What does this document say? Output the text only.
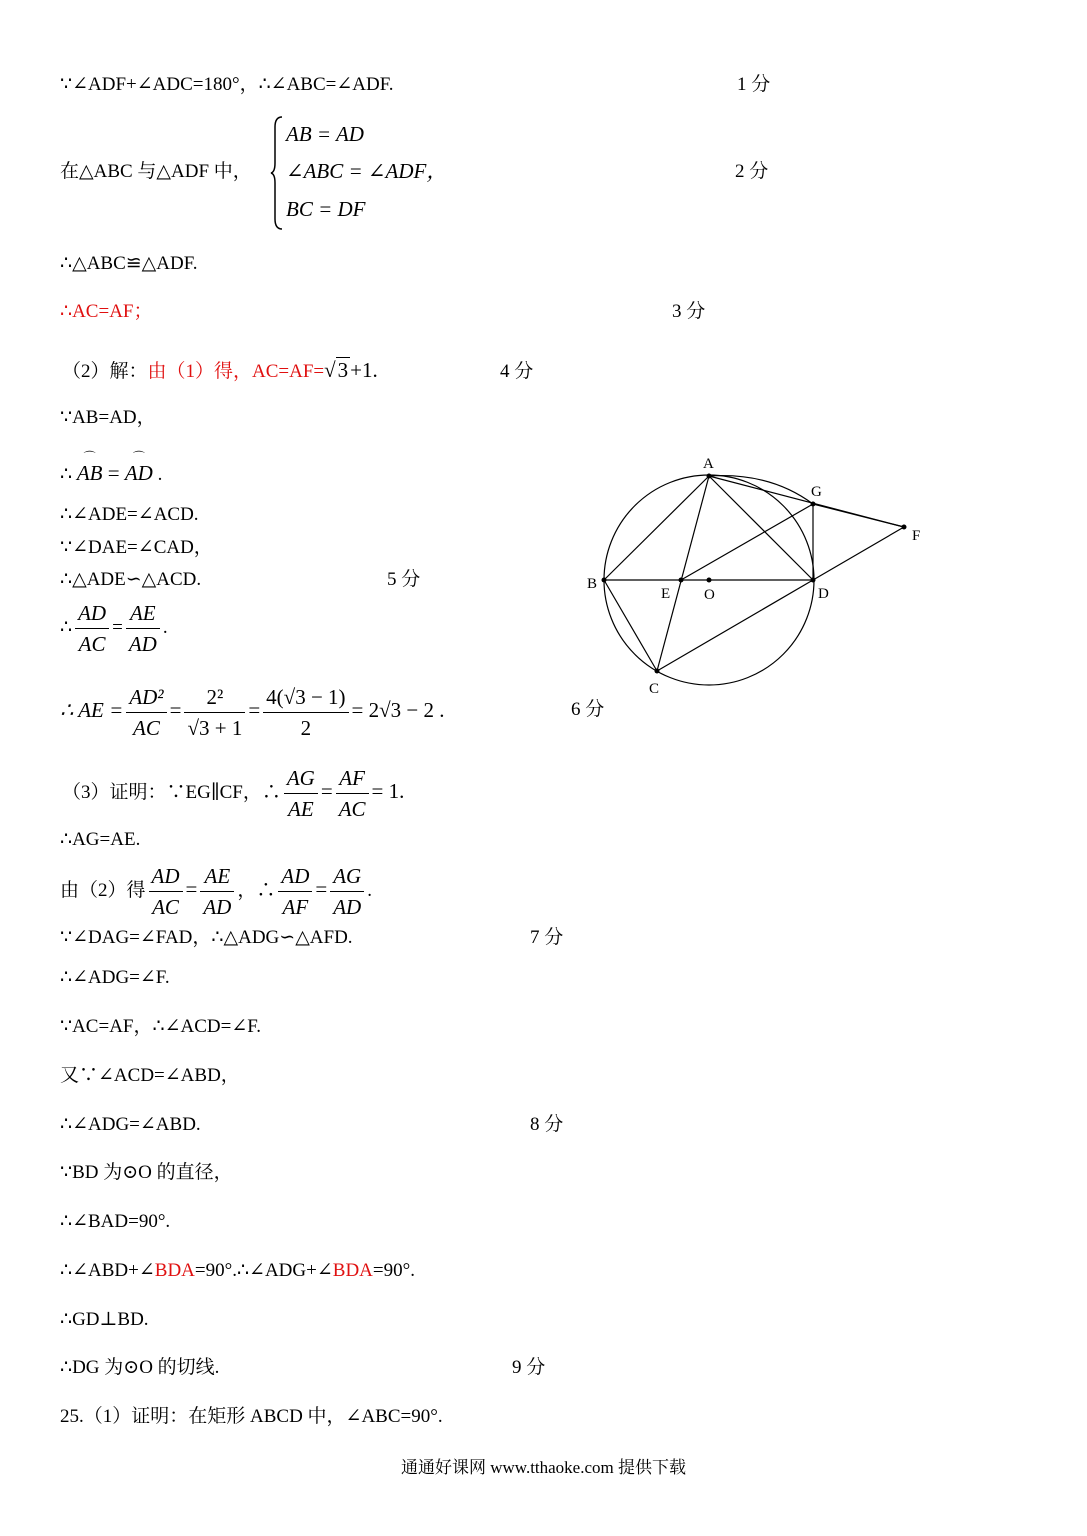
∵∠ADF+∠ADC=180°，∴∠ABC=∠ADF.	1 分
在△ABC 与△ADF 中，
AB = AD
∠ABC = ∠ADF，
BC = DF
2 分
∴△ABC≌△ADF.
∴AC=AF；	3 分
（2）解：由（1）得，AC=AF=√3+1.	4 分
∵AB=AD，
∴ ⌒ AB = ⌒ AD .
∴∠ADE=∠ACD.
∵∠DAE=∠CAD，
∴△ADE∽△ACD.	5 分
∴ $\frac{AD}{AC} = \frac{AE}{AD}$ .
∴ AE = $\frac{\text{AD²}}{AC} = \frac{\text{2²}}{√3 + 1} = \frac{4(√3 - 1)}{2} = 2√3 - 2$ .	6 分
A
B
C
D
E
F
G
O
（3）证明：∵EG∥CF，∴ $\frac{AG}{AE} = \frac{AF}{AC} = 1$.
∴AG=AE.
由（2）得 $\frac{AD}{AC} = \frac{AE}{AD}$ ，∴ $\frac{AD}{AF} = \frac{AG}{AD}$ .
∵∠DAG=∠FAD，∴△ADG∽△AFD.	7 分
∴∠ADG=∠F.
∵AC=AF，∴∠ACD=∠F.
又∵∠ACD=∠ABD，
∴∠ADG=∠ABD.	8 分
∵BD 为⊙O 的直径，
∴∠BAD=90°.
∴∠ABD+∠BDA=90°.∴∠ADG+∠BDA=90°.
∴GD⊥BD.
∴DG 为⊙O 的切线.	9 分
25.（1）证明：在矩形 ABCD 中，∠ABC=90°.
通通好课网 www.tthaoke.com 提供下载
